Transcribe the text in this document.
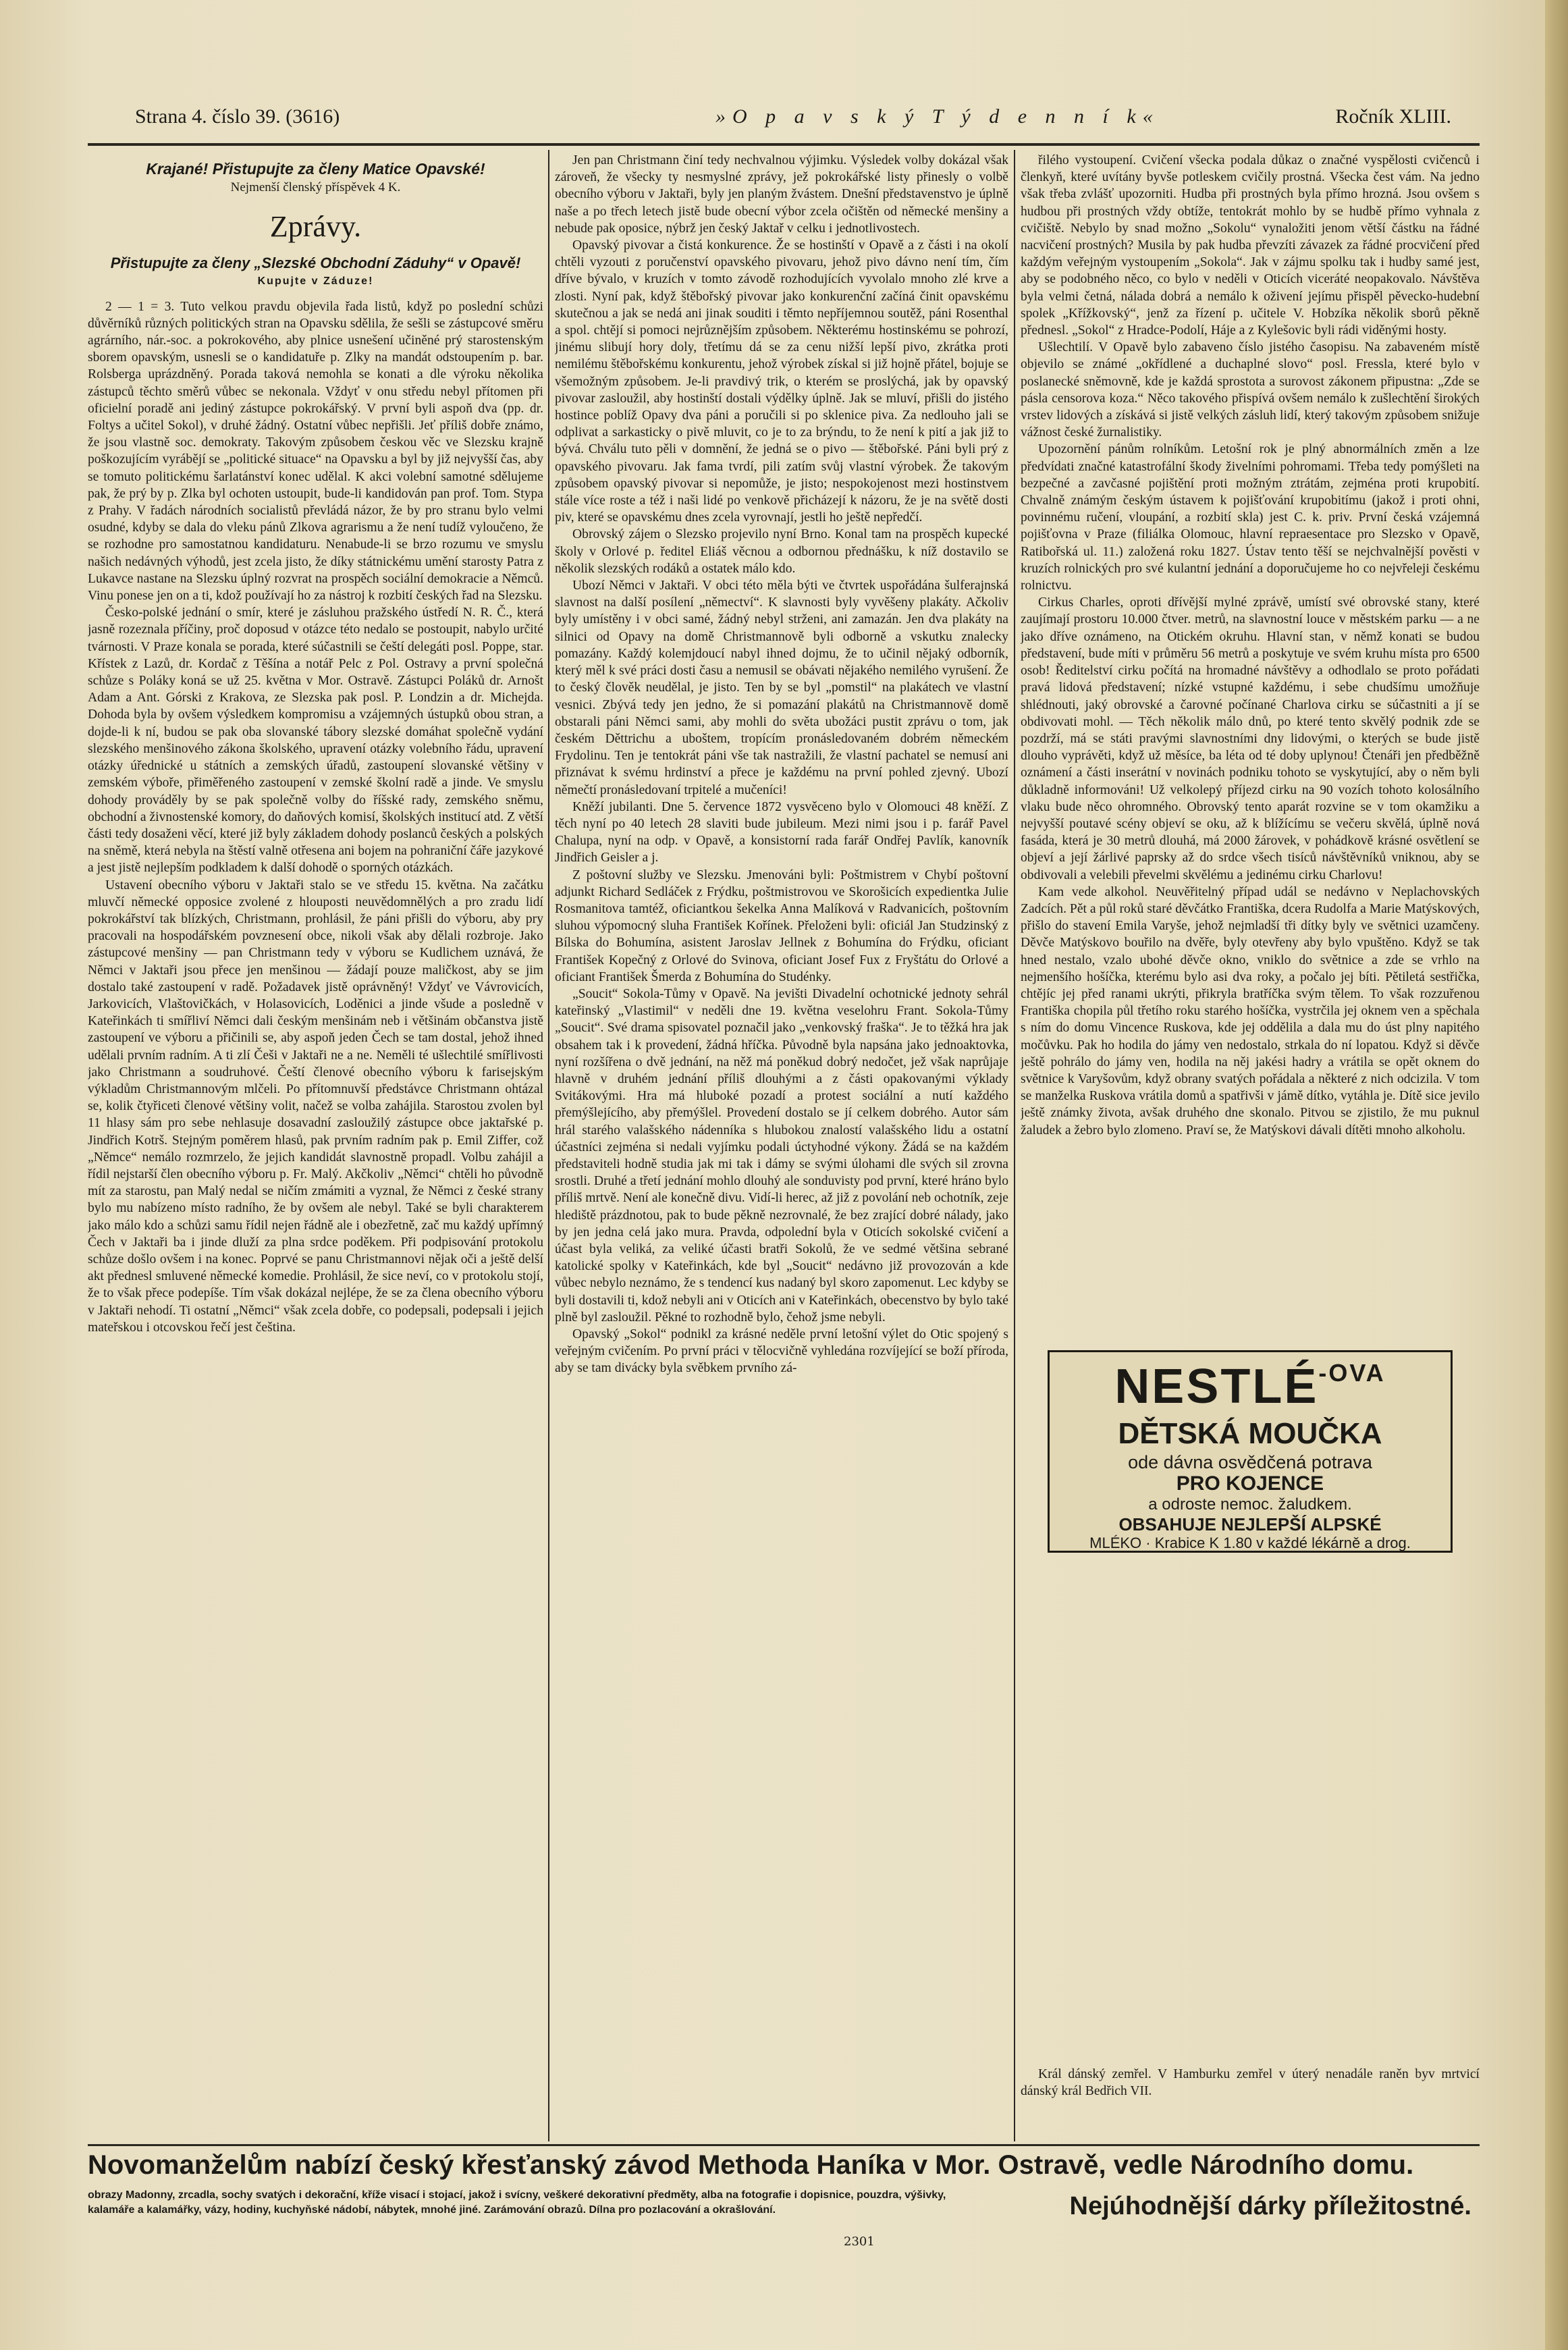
Strana 4. číslo 39. (3616)	»O p a v s k ý T ý d e n n í k«	Ročník XLIII.
Krajané! Přistupujte za členy Matice Opavské!
Nejmenší členský příspěvek 4 K.
Zprávy.
Přistupujte za členy „Slezské Obchodní Záduhy“ v Opavě!
Kupujte v Záduze!

2 — 1 = 3. Tuto velkou pravdu objevila řada listů, když po poslední schůzi důvěrníků různých politických stran na Opavsku sdělila, že sešli se zástupcové směru agrárního, nár.-soc. a pokrokového, aby plnice usnešení učiněné prý starostenským sborem opavským, usnesli se o kandidatuře p. Zlky na mandát odstoupením p. bar. Rolsberga uprázdněný. Porada taková nemohla se konati a dle výroku několika zástupců těchto směrů vůbec se nekonala. Vždyť v onu středu nebyl přítomen při oficielní poradě ani jediný zástupce pokrokářský. V první byli aspoň dva (pp. dr. Foltys a učitel Sokol), v druhé žádný. Ostatní vůbec nepřišli. Jeť příliš dobře známo, že jsou vlastně soc. demokraty. Takovým způsobem českou věc ve Slezsku krajně poškozujícím vyrábějí se „politické situace“ na Opavsku a byl by již nejvyšší čas, aby se tomuto politickému šarlatánství konec udělal. K akci volební samotné sdělujeme pak, že prý by p. Zlka byl ochoten ustoupit, bude-li kandidován pan prof. Tom. Stypa z Prahy. V řadách národních socialistů převládá názor, že by pro stranu bylo velmi osudné, kdyby se dala do vleku pánů Zlkova agrarismu a že není tudíž vyloučeno, že se rozhodne pro samostatnou kandidaturu. Nenabude-li se brzo rozumu ve smyslu našich nedávných výhodů, jest zcela jisto, že díky státnickému umění starosty Patra z Lukavce nastane na Slezsku úplný rozvrat na prospěch sociální demokracie a Němců. Vinu ponese jen on a ti, kdož používají ho za nástroj k rozbití českých řad na Slezsku.

Česko-polské jednání o smír, které je zásluhou pražského ústředí N. R. Č., která jasně rozeznala příčiny, proč doposud v otázce této nedalo se postoupit, nabylo určité tvárnosti. V Praze konala se porada, které súčastnili se čeští delegáti posl. Poppe, star. Křístek z Lazů, dr. Kordač z Těšína a notář Pelc z Pol. Ostravy a první společná schůze s Poláky koná se už 25. května v Mor. Ostravě. Zástupci Poláků dr. Arnošt Adam a Ant. Górski z Krakova, ze Slezska pak posl. P. Londzin a dr. Michejda. Dohoda byla by ovšem výsledkem kompromisu a vzájemných ústupků obou stran, a dojde-li k ní, budou se pak oba slovanské tábory slezské domáhat společně vydání slezského menšinového zákona školského, upravení otázky volebního řádu, upravení otázky úřednické u státních a zemských úřadů, zastoupení slovanské většiny v zemském výboře, přiměřeného zastoupení v zemské školní radě a jinde. Ve smyslu dohody prováděly by se pak společně volby do říšské rady, zemského sněmu, obchodní a živnostenské komory, do daňových komisí, školských institucí atd. Z větší části tedy dosaženi věcí, které již byly základem dohody poslanců českých a polských na sněmě, která nebyla na štěstí valně otřesena ani bojem na pohraniční čáře jazykové a jest jistě nejlepším podkladem k další dohodě o sporných otázkách.

Ustavení obecního výboru v Jaktaři stalo se ve středu 15. května. Na začátku mluvčí německé opposice zvolené z hlouposti neuvědomnělých a pro zradu lidí pokrokářství tak blízkých, Christmann, prohlásil, že páni přišli do výboru, aby pry pracovali na hospodářském povznesení obce, nikoli však aby dělali rozbroje. Jako zástupcové menšiny — pan Christmann tedy v výboru se Kudlichem uznává, že Němci v Jaktaři jsou přece jen menšinou — žádají pouze maličkost, aby se jim dostalo také zastoupení v radě. Požadavek jistě oprávněný! Vždyť ve Vávrovicích, Jarkovicích, Vlaštovičkách, v Holasovicích, Loděnici a jinde všude a posledně v Kateřinkách ti smířliví Němci dali českým menšinám neb i většinám občanstva jistě zastoupení ve výboru a přičinili se, aby aspoň jeden Čech se tam dostal, jehož ihned udělali prvním radním. A ti zlí Češi v Jaktaři ne a ne. Neměli té ušlechtilé smířlivosti jako Christmann a soudruhové. Čeští členové obecního výboru k farisejským výkladům Christmannovým mlčeli. Po přítomnuvší předstávce Christmann ohtázal se, kolik čtyřiceti členové většiny volit, načež se volba zahájila. Starostou zvolen byl 11 hlasy sám pro sebe nehlasuje dosavadní zasloužilý zástupce obce jaktařské p. Jindřich Kotrš. Stejným poměrem hlasů, pak prvním radním pak p. Emil Ziffer, což „Němce“ nemálo rozmrzelo, že jejich kandidát slavnostně propadl. Volbu zahájil a řídil nejstarší člen obecního výboru p. Fr. Malý. Akčkoliv „Němci“ chtěli ho původně mít za starostu, pan Malý nedal se ničím zmámiti a vyznal, že Němci z české strany bylo mu nabízeno místo radního, že by ovšem ale nebyl. Také se byli charakterem jako málo kdo a schůzi samu řídil nejen řádně ale i obezřetně, zač mu každý upřímný Čech v Jaktaři ba i jinde dluží za plna srdce poděkem. Při podpisování protokolu schůze došlo ovšem i na konec. Poprvé se panu Christmannovi nějak oči a ještě delší akt přednesl smluvené německé komedie. Prohlásil, že sice neví, co v protokolu stojí, že to však přece podepíše. Tím však dokázal nejlépe, že se za člena obecního výboru v Jaktaři nehodí. Ti ostatní „Němci“ však zcela dobře, co podepsali, podepsali i jejich mateřskou i otcovskou řečí jest čeština.

Jen pan Christmann činí tedy nechvalnou výjimku. Výsledek volby dokázal však zároveň, že všecky ty nesmyslné zprávy, jež pokrokářské listy přinesly o volbě obecního výboru v Jaktaři, byly jen planým žvástem. Dnešní představenstvo je úplně naše a po třech letech jistě bude obecní výbor zcela očištěn od německé menšiny a nebude pak oposice, nýbrž jen český Jaktař v celku i jednotlivostech.

Opavský pivovar a čistá konkurence. Že se hostinští v Opavě a z části i na okolí chtěli vyzouti z poručenství opavského pivovaru, jehož pivo dávno není tím, čím dříve bývalo, v kruzích v tomto závodě rozhodujících vyvolalo mnoho zlé krve a zlosti. Nyní pak, když štěbořský pivovar jako konkurenční začíná činit opavskému skutečnou a jak se nedá ani jinak souditi i těmto nepříjemnou soutěž, páni Rosenthal a spol. chtějí si pomoci nejrůznějším způsobem. Některému hostinskému se pohrozí, jinému slibují hory doly, třetímu dá se za cenu nižší lepší pivo, zkrátka proti nemilému štěbořskému konkurentu, jehož výrobek získal si již hojně přátel, bojuje se všemožným způsobem. Je-li pravdivý trik, o kterém se proslýchá, jak by opavský pivovar zasloužil, aby hostinští dostali výdělky úplně. Jak se mluví, přišli do jistého hostince poblíž Opavy dva páni a poručili si po sklenice piva. Za nedlouho jali se odplivat a sarkasticky o pivě mluvit, co je to za brýndu, to že není k pití a jak již to bývá. Chválu tuto pěli v domnění, že jedná se o pivo — štěbořské. Páni byli prý z opavského pivovaru. Jak fama tvrdí, pili zatím svůj vlastní výrobek. Že takovým způsobem opavský pivovar si nepomůže, je jisto; nespokojenost mezi hostinstvem stále více roste a též i naši lidé po venkově přicházejí k názoru, že je na světě dosti piv, které se opavskému dnes zcela vyrovnají, jestli ho ještě nepředčí.

Obrovský zájem o Slezsko projevilo nyní Brno. Konal tam na prospěch kupecké školy v Orlové p. ředitel Eliáš věcnou a odbornou přednášku, k níž dostavilo se několik slezských rodáků a ostatek málo kdo.

Ubozí Němci v Jaktaři. V obci této měla býti ve čtvrtek uspořádána šulferajnská slavnost na další posílení „němectví“. K slavnosti byly vyvěšeny plakáty. Ačkoliv byly umístěny i v obci samé, žádný nebyl strženi, ani zamazán. Jen dva plakáty na silnici od Opavy na domě Christmannově byli odborně a vskutku znalecky pomazány. Každý kolemjdoucí nabyl ihned dojmu, že to učinil nějaký odborník, který měl k své práci dosti času a nemusil se obávati nějakého nemilého vyrušení. Že to český člověk neudělal, je jisto. Ten by se byl „pomstil“ na plakátech ve vlastní vesnici. Zbývá tedy jen jedno, že si pomazání plakátů na Christmannově domě obstarali páni Němci sami, aby mohli do světa ubožáci pustit zprávu o tom, jak českém Děttrichu a uboštem, tropícím pronásledovaném dobrém německém Frydolinu. Ten je tentokrát páni vše tak nastražili, že vlastní pachatel se nemusí ani přiznávat k svému hrdinství a přece je každému na první pohled zjevný. Ubozí němečtí pronásledovaní trpitelé a mučeníci!

Kněží jubilanti. Dne 5. července 1872 vysvěceno bylo v Olomouci 48 kněží. Z těch nyní po 40 letech 28 slaviti bude jubileum. Mezi nimi jsou i p. farář Pavel Chalupa, nyní na odp. v Opavě, a konsistorní rada farář Ondřej Pavlík, kanovník Jindřich Geisler a j.

Z poštovní služby ve Slezsku. Jmenováni byli: Poštmistrem v Chybí poštovní adjunkt Richard Sedláček z Frýdku, poštmistrovou ve Skorošicích expedientka Julie Rosmanitova tamtéž, oficiantkou šekelka Anna Malíková v Radvanicích, poštovním sluhou výpomocný sluha František Kořínek. Přeloženi byli: oficiál Jan Studzinský z Bílska do Bohumína, asistent Jaroslav Jellnek z Bohumína do Frýdku, oficiant František Kopečný z Orlové do Svinova, oficiant Josef Fux z Fryštátu do Orlové a oficiant František Šmerda z Bohumína do Studénky.

„Soucit“ Sokola-Tůmy v Opavě. Na jevišti Divadelní ochotnické jednoty sehrál kateřinský „Vlastimil“ v neděli dne 19. května veselohru Frant. Sokola-Tůmy „Soucit“. Své drama spisovatel poznačil jako „venkovský fraška“. Je to těžká hra jak obsahem tak i k provedení, žádná hříčka. Původně byla napsána jako jednoaktovka, nyní rozšířena o dvě jednání, na něž má poněkud dobrý nedočet, jež však naprůjaje hlavně v druhém jednání příliš dlouhými a z části opakovanými výklady Svitákovými. Hra má hluboké pozadí a protest sociální a nutí každého přemýšlejícího, aby přemýšlel. Provedení dostalo se jí celkem dobrého. Autor sám hrál starého valašského nádenníka s hlubokou znalostí valašského lidu a ostatní účastníci zejména si nedali vyjímku podali úctyhodné výkony. Žádá se na každém představiteli hodně studia jak mi tak i dámy se svými úlohami dle svých sil zrovna srostli. Druhé a třetí jednání mohlo dlouhý ale sonduvisty pod první, které hráno bylo příliš mrtvě. Není ale konečně divu. Vidí-li herec, až již z povolání neb ochotník, zeje hlediště prázdnotou, pak to bude pěkně nezrovnalé, že bez zrající dobré nálady, jako by jen jedna celá jako mura. Pravda, odpolední byla v Oticích sokolské cvičení a účast byla veliká, za veliké účasti bratři Sokolů, že ve sedmé většina sebrané katolické spolky v Kateřinkách, kde byl „Soucit“ nedávno již provozován a kde vůbec nebylo neznámo, že s tendencí kus nadaný byl skoro zapomenut. Lec kdyby se byli dostavili ti, kdož nebyli ani v Oticích ani v Kateřinkách, obecenstvo by bylo také plně byl zasloužil. Pěkné to rozhodně bylo, čehož jsme nebyli.

Opavský „Sokol“ podnikl za krásné neděle první letošní výlet do Otic spojený s veřejným cvičením. Po první práci v tělocvičně vyhledána rozvíjející se boží příroda, aby se tam divácky byla svěbkem prvního zá-

řilého vystoupení. Cvičení všecka podala důkaz o značné vyspělosti cvičenců i členkyň, které uvítány byvše potleskem cvičily prostná. Všecka čest vám. Na jedno však třeba zvlášť upozorniti. Hudba při prostných byla přímo hrozná. Jsou ovšem s hudbou při prostných vždy obtíže, tentokrát mohlo by se hudbě přímo vyhnala z cvičiště. Nebylo by snad možno „Sokolu“ vynaložiti jenom větší částku na řádné nacvičení prostných? Musila by pak hudba převzíti závazek za řádné procvičení před každým veřejným vystoupením „Sokola“. Jak v zájmu spolku tak i hudby samé jest, aby se podobného něco, co bylo v neděli v Oticích viceráté neopakovalo. Návštěva byla velmi četná, nálada dobrá a nemálo k oživení jejímu přispěl pěvecko-hudební spolek „Křížkovský“, jenž za řízení p. učitele V. Hobzíka několik sborů pěkně přednesl. „Sokol“ z Hradce-Podolí, Háje a z Kylešovic byli rádi viděnými hosty.

Ušlechtilí. V Opavě bylo zabaveno číslo jistého časopisu. Na zabaveném místě objevilo se známé „okřídlené a duchaplné slovo“ posl. Fressla, které bylo v poslanecké sněmovně, kde je každá sprostota a surovost zákonem připustna: „Zde se pásla censorova koza.“ Něco takového přispívá ovšem nemálo k zušlechtění širokých vrstev lidových a získává si jistě velkých zásluh lidí, který takovým způsobem snižuje vážnost české žurnalistiky.

Upozornění pánům rolníkům. Letošní rok je plný abnormálních změn a lze předvídati značné katastrofální škody živelními pohromami. Třeba tedy pomýšleti na bezpečné a zavčasné pojištění proti možným ztrátám, zejména proti krupobití. Chvalně známým českým ústavem k pojišťování krupobitímu (jakož i proti ohni, povinnému ručení, vloupání, a rozbití skla) jest C. k. priv. První česká vzájemná pojišťovna v Praze (filiálka Olomouc, hlavní repraesentace pro Slezsko v Opavě, Ratibořská ul. 11.) založená roku 1827. Ústav tento těší se nejchvalnější pověsti v kruzích rolnických pro své kulantní jednání a doporučujeme ho co nejvřeleji českému rolnictvu.

Cirkus Charles, oproti dřívější mylné zprávě, umístí své obrovské stany, které zaujímají prostoru 10.000 čtver. metrů, na slavnostní louce v městském parku — a ne jako dříve oznámeno, na Otickém okruhu. Hlavní stan, v němž konati se budou představení, bude míti v průměru 56 metrů a poskytuje ve svém kruhu místa pro 6500 osob! Ředitelství cirku počítá na hromadné návštěvy a odhodlalo se proto pořádati pravá lidová představení; nízké vstupné každému, i sebe chudšímu umožňuje shlédnouti, jaký obrovské a čarovné počínané Charlova cirku se súčastniti a jí se obdivovati mohl. — Těch několik málo dnů, po které tento skvělý podnik zde se pozdrží, má se státi pravými slavnostními dny lidovými, o kterých se bude jistě dlouho vyprávěti, když už měsíce, ba léta od té doby uplynou! Čtenáři jen předběžně oznámení a části inserátní v novinách podniku tohoto se vyskytující, aby o něm byli důkladně informováni! Už velkolepý příjezd cirku na 90 vozích tohoto kolosálního vlaku bude něco ohromného. Obrovský tento aparát rozvine se v tom okamžiku a nejvyšší poutavé scény objeví se oku, až k blížícímu se večeru skvělá, úplně nová fasáda, která je 30 metrů dlouhá, má 2000 žárovek, v pohádkově krásné osvětlení se objeví a její žárlivé paprsky až do srdce všech tisíců návštěvníků vniknou, aby se obdivovali a velebili převelmi skvělému a jedinému cirku Charlovu!

Kam vede alkohol. Neuvěřitelný případ udál se nedávno v Neplachovských Zadcích. Pět a půl roků staré děvčátko Františka, dcera Rudolfa a Marie Matýskových, přišlo do stavení Emila Varyše, jehož nejmladší tři dítky byly ve světnici uzamčeny. Děvče Matýskovo bouřilo na dvěře, byly otevřeny aby bylo vpuštěno. Když se tak hned nestalo, vzalo ubohé děvče okno, vniklo do světnice a zde se vrhlo na nejmenšího hošíčka, kterému bylo asi dva roky, a počalo jej bíti. Pětiletá sestřička, chtějíc jej před ranami ukrýti, přikryla bratříčka svým tělem. To však rozzuřenou Františka chopila půl třetího roku starého hošíčka, vystrčila jej oknem ven a spěchala s ním do domu Vincence Ruskova, kde jej oddělila a dala mu do úst plny napitého močůvku. Pak ho hodila do jámy ven nedostalo, strkala do ní lopatou. Když si děvče ještě pohrálo do jámy ven, hodila na něj jakési hadry a vrátila se opět oknem do světnice k Varyšovům, když obrany svatých pořádala a některé z nich odcizila. V tom se manželka Ruskova vrátila domů a spatřivši v jámě dítko, vytáhla je. Dítě sice jevilo ještě známky života, avšak druhého dne skonalo. Pitvou se zjistilo, že mu puknul žaludek a žebro bylo zlomeno. Praví se, že Matýskovi dávali dítěti mnoho alkoholu.

$NESTLÉ^{-OVA}$
DĚTSKÁ MOUČKA
ode dávna osvědčená potrava
PRO KOJENCE
a odroste nemoc. žaludkem.
OBSAHUJE NEJLEPŠÍ ALPSKÉ
MLÉKO · Krabice K 1.80 v každé lékárně a drog.

Král dánský zemřel. V Hamburku zemřel v úterý nenadále raněn byv mrtvicí dánský král Bedřich VII.

Novomanželům nabízí český křesťanský závod Methoda Haníka v Mor. Ostravě, vedle Národního domu.
obrazy Madonny, zrcadla, sochy svatých i dekorační, kříže visací i stojací, jakož i svícny, veškeré dekorativní předměty, alba na fotografie i dopisnice, pouzdra, výšivky, kalamáře a kalamářky, vázy, hodiny, kuchyňské nádobí, nábytek, mnohé jiné. Zarámování obrazů. Dílna pro pozlacování a okrašlování.	Nejúhodnější dárky příležitostné.
2301
